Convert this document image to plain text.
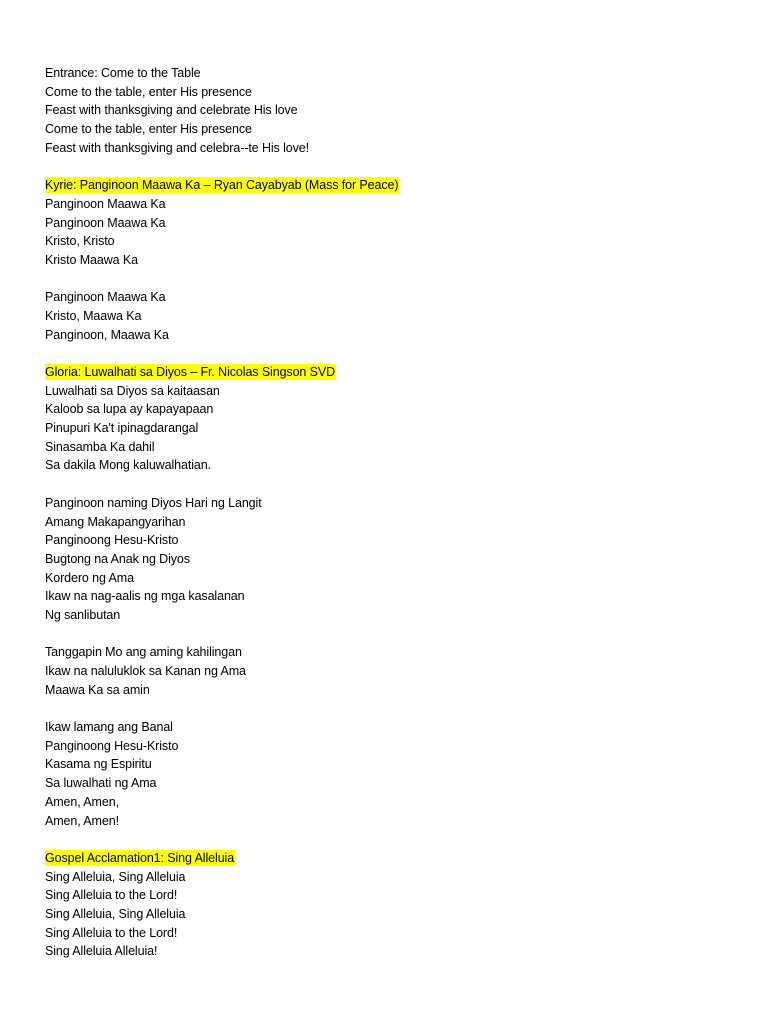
Entrance: Come to the Table
Come to the table, enter His presence
Feast with thanksgiving and celebrate His love
Come to the table, enter His presence
Feast with thanksgiving and celebra--te His love!
Kyrie: Panginoon Maawa Ka – Ryan Cayabyab (Mass for Peace)
Panginoon Maawa Ka
Panginoon Maawa Ka
Kristo, Kristo
Kristo Maawa Ka
Panginoon Maawa Ka
Kristo, Maawa Ka
Panginoon, Maawa Ka
Gloria: Luwalhati sa Diyos – Fr. Nicolas Singson SVD
Luwalhati sa Diyos sa kaitaasan
Kaloob sa lupa ay kapayapaan
Pinupuri Ka't ipinagdarangal
Sinasamba Ka dahil
Sa dakila Mong kaluwalhatian.
Panginoon naming Diyos Hari ng Langit
Amang Makapangyarihan
Panginoong Hesu-Kristo
Bugtong na Anak ng Diyos
Kordero ng Ama
Ikaw na nag-aalis ng mga kasalanan
Ng sanlibutan
Tanggapin Mo ang aming kahilingan
Ikaw na naluluklok sa Kanan ng Ama
Maawa Ka sa amin
Ikaw lamang ang Banal
Panginoong Hesu-Kristo
Kasama ng Espiritu
Sa luwalhati ng Ama
Amen, Amen,
Amen, Amen!
Gospel Acclamation1: Sing Alleluia
Sing Alleluia, Sing Alleluia
Sing Alleluia to the Lord!
Sing Alleluia, Sing Alleluia
Sing Alleluia to the Lord!
Sing Alleluia Alleluia!
